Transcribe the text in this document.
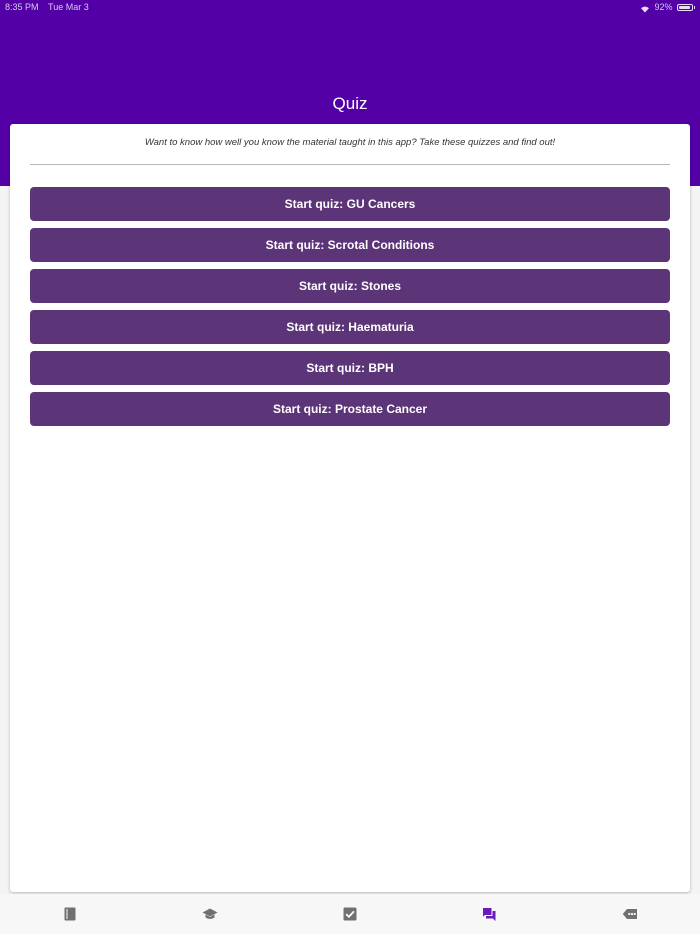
8:35 PM Tue Mar 3	92%
Quiz

Want to know how well you know the material taught in this app? Take these quizzes and find out!

Start quiz: GU Cancers
Start quiz: Scrotal Conditions
Start quiz: Stones
Start quiz: Haematuria
Start quiz: BPH
Start quiz: Prostate Cancer
